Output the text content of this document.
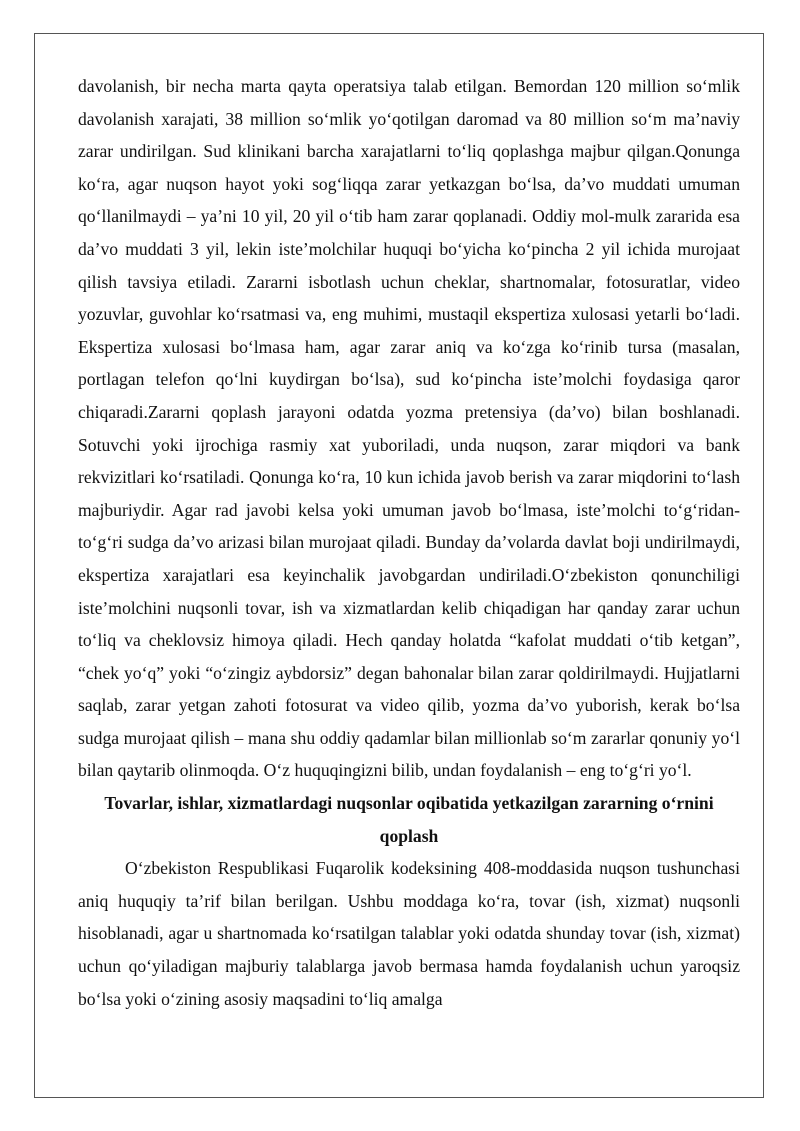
davolanish, bir necha marta qayta operatsiya talab etilgan. Bemordan 120 million so‘mlik davolanish xarajati, 38 million so‘mlik yo‘qotilgan daromad va 80 million so‘m ma’naviy zarar undirilgan. Sud klinikani barcha xarajatlarni to‘liq qoplashga majbur qilgan.Qonunga ko‘ra, agar nuqson hayot yoki sog‘liqqa zarar yetkazgan bo‘lsa, da’vo muddati umuman qo‘llanilmaydi – ya’ni 10 yil, 20 yil o‘tib ham zarar qoplanadi. Oddiy mol-mulk zararida esa da’vo muddati 3 yil, lekin iste’molchilar huquqi bo‘yicha ko‘pincha 2 yil ichida murojaat qilish tavsiya etiladi. Zararni isbotlash uchun cheklar, shartnomalar, fotosuratlar, video yozuvlar, guvohlar ko‘rsatmasi va, eng muhimi, mustaqil ekspertiza xulosasi yetarli bo‘ladi. Ekspertiza xulosasi bo‘lmasa ham, agar zarar aniq va ko‘zga ko‘rinib tursa (masalan, portlagan telefon qo‘lni kuydirgan bo‘lsa), sud ko‘pincha iste’molchi foydasiga qaror chiqaradi.Zararni qoplash jarayoni odatda yozma pretensiya (da’vo) bilan boshlanadi. Sotuvchi yoki ijrochiga rasmiy xat yuboriladi, unda nuqson, zarar miqdori va bank rekvizitlari ko‘rsatiladi. Qonunga ko‘ra, 10 kun ichida javob berish va zarar miqdorini to‘lash majburiydir. Agar rad javobi kelsa yoki umuman javob bo‘lmasa, iste’molchi to‘g‘ridan-to‘g‘ri sudga da’vo arizasi bilan murojaat qiladi. Bunday da’volarda davlat boji undirilmaydi, ekspertiza xarajatlari esa keyinchalik javobgardan undiriladi.O‘zbekiston qonunchiligi iste’molchini nuqsonli tovar, ish va xizmatlardan kelib chiqadigan har qanday zarar uchun to‘liq va cheklovsiz himoya qiladi. Hech qanday holatda “kafolat muddati o‘tib ketgan”, “chek yo‘q” yoki “o‘zingiz aybdorsiz” degan bahonalar bilan zarar qoldirilmaydi. Hujjatlarni saqlab, zarar yetgan zahoti fotosurat va video qilib, yozma da’vo yuborish, kerak bo‘lsa sudga murojaat qilish – mana shu oddiy qadamlar bilan millionlab so‘m zararlar qonuniy yo‘l bilan qaytarib olinmoqda. O‘z huquqingizni bilib, undan foydalanish – eng to‘g‘ri yo‘l.

Tovarlar, ishlar, xizmatlardagi nuqsonlar oqibatida yetkazilgan zararning o‘rnini qoplash

O‘zbekiston Respublikasi Fuqarolik kodeksining 408-moddasida nuqson tushunchasi aniq huquqiy ta’rif bilan berilgan. Ushbu moddaga ko‘ra, tovar (ish, xizmat) nuqsonli hisoblanadi, agar u shartnomada ko‘rsatilgan talablar yoki odatda shunday tovar (ish, xizmat) uchun qo‘yiladigan majburiy talablarga javob bermasa hamda foydalanish uchun yaroqsiz bo‘lsa yoki o‘zining asosiy maqsadini to‘liq amalga
